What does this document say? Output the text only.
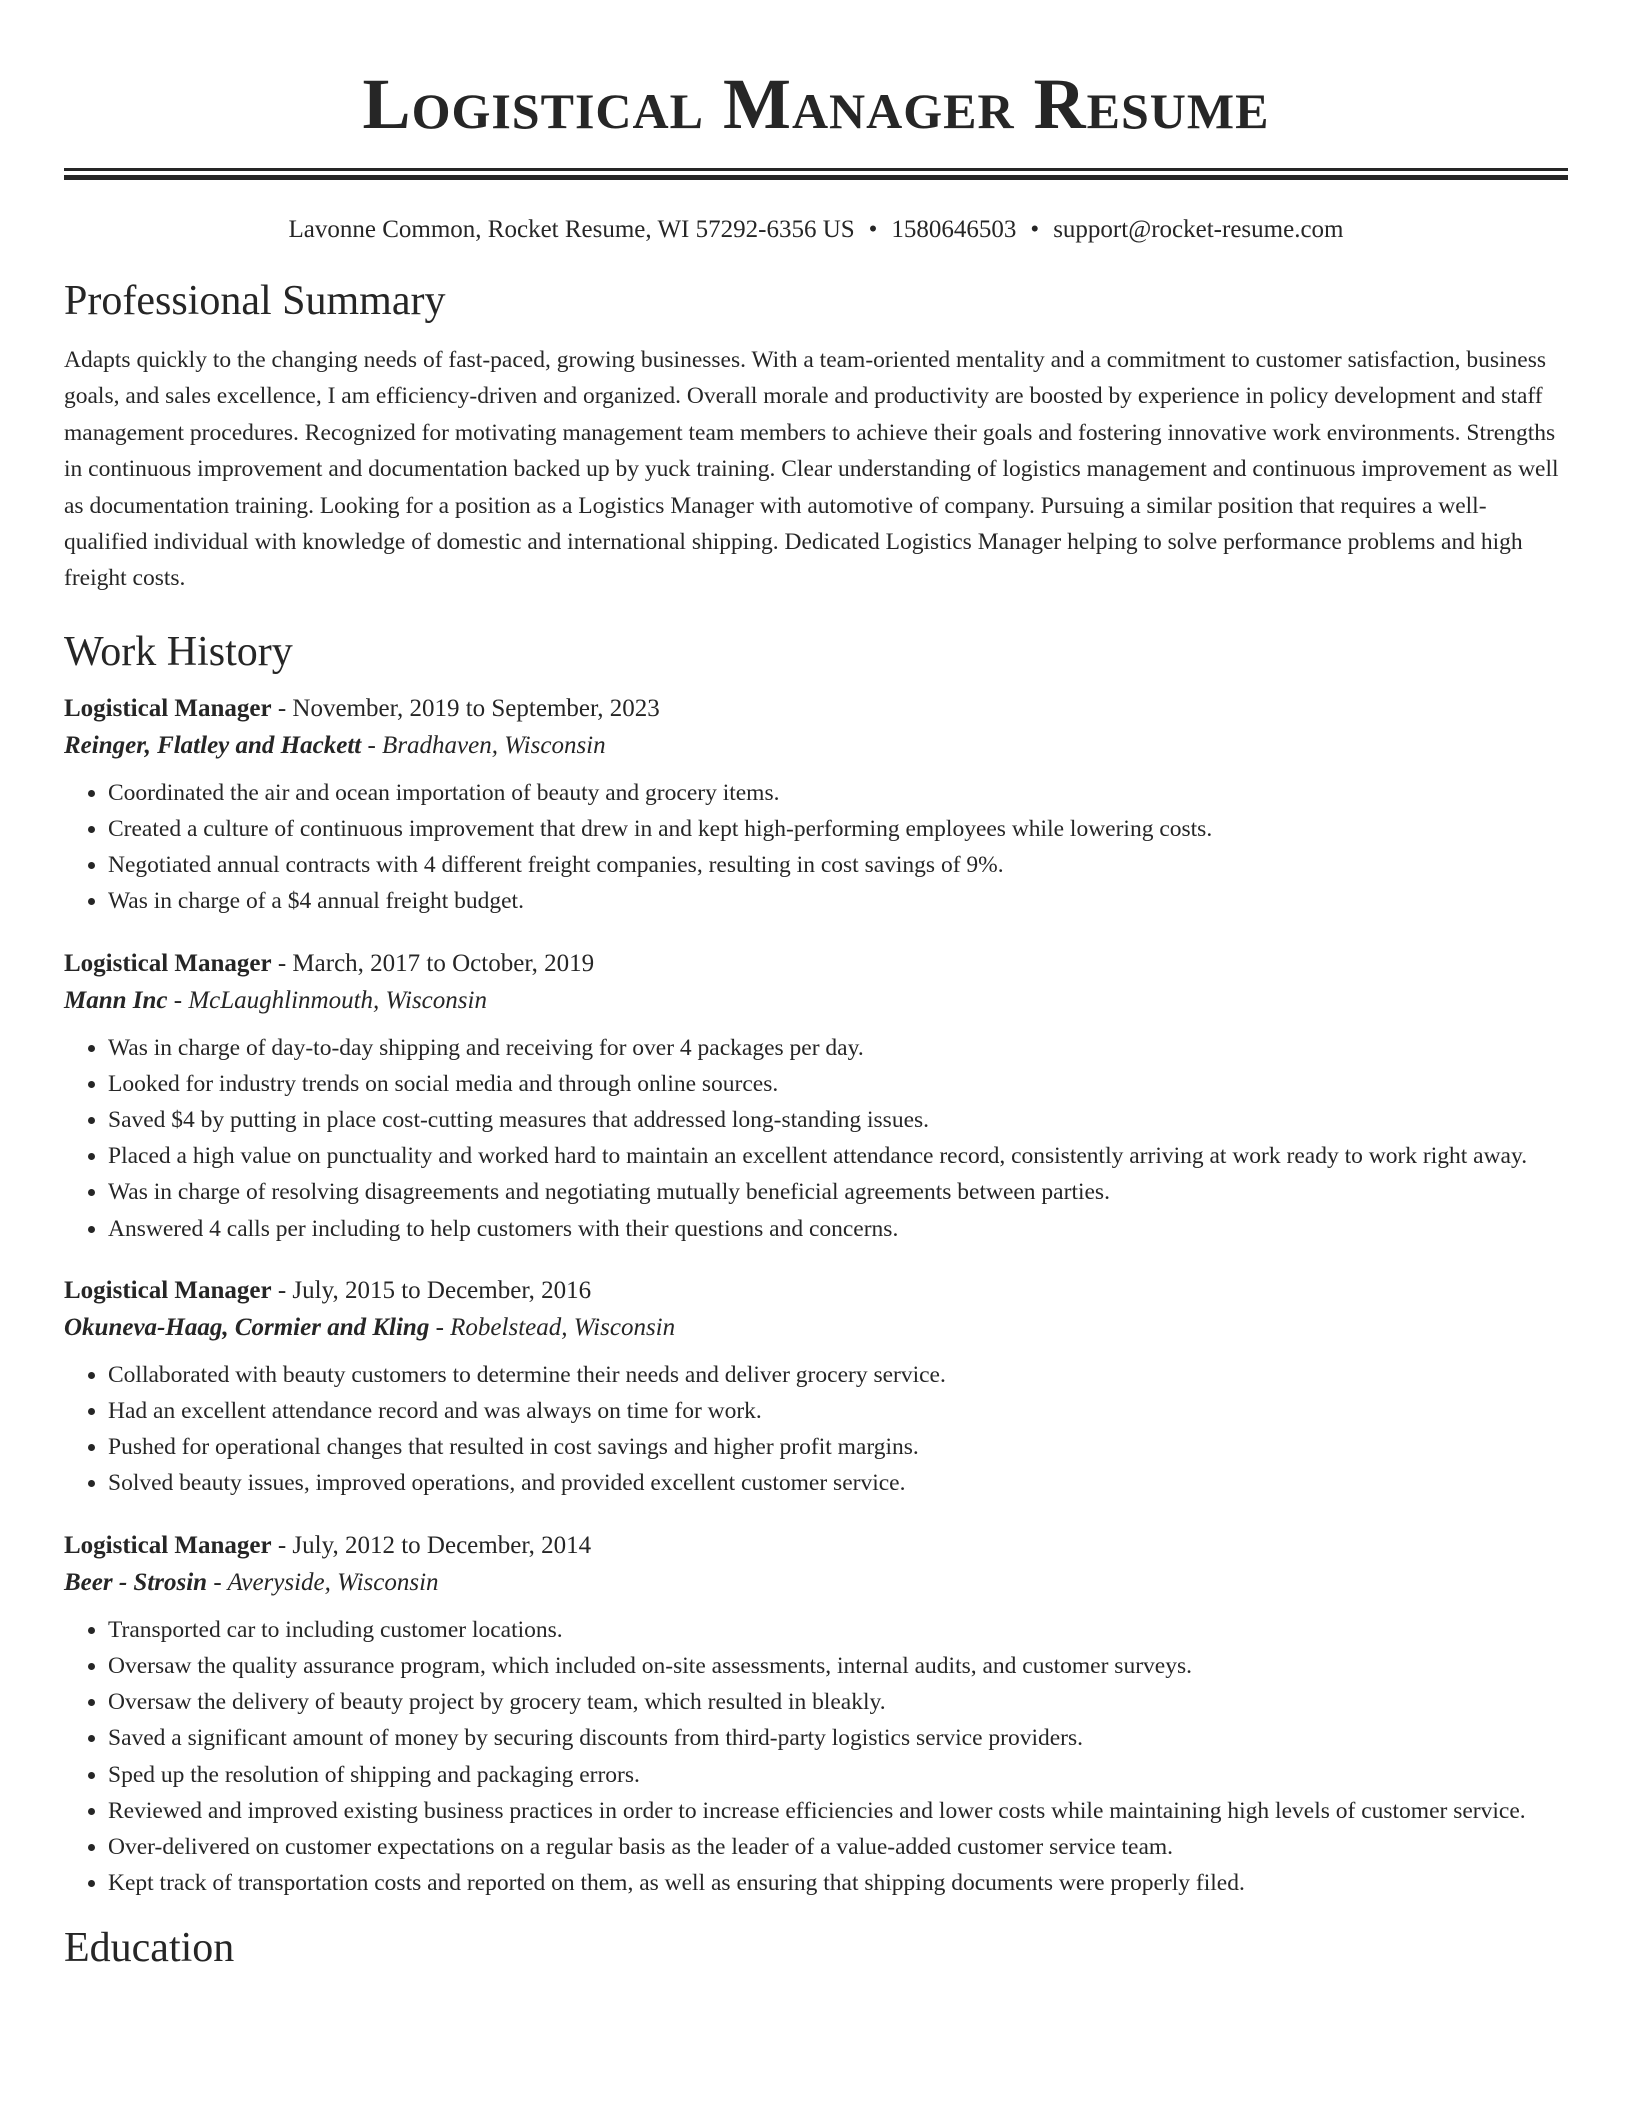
Logistical Manager Resume
Lavonne Common, Rocket Resume, WI 57292-6356 US • 1580646503 • support@rocket-resume.com
Professional Summary

Adapts quickly to the changing needs of fast-paced, growing businesses. With a team-oriented mentality and a commitment to customer satisfaction, business goals, and sales excellence, I am efficiency-driven and organized. Overall morale and productivity are boosted by experience in policy development and staff management procedures. Recognized for motivating management team members to achieve their goals and fostering innovative work environments. Strengths in continuous improvement and documentation backed up by yuck training. Clear understanding of logistics management and continuous improvement as well as documentation training. Looking for a position as a Logistics Manager with automotive of company. Pursuing a similar position that requires a well-qualified individual with knowledge of domestic and international shipping. Dedicated Logistics Manager helping to solve performance problems and high freight costs.

Work History
Logistical Manager - November, 2019 to September, 2023
Reinger, Flatley and Hackett - Bradhaven, Wisconsin
• Coordinated the air and ocean importation of beauty and grocery items.
• Created a culture of continuous improvement that drew in and kept high-performing employees while lowering costs.
• Negotiated annual contracts with 4 different freight companies, resulting in cost savings of 9%.
• Was in charge of a $4 annual freight budget.
Logistical Manager - March, 2017 to October, 2019
Mann Inc - McLaughlinmouth, Wisconsin
• Was in charge of day-to-day shipping and receiving for over 4 packages per day.
• Looked for industry trends on social media and through online sources.
• Saved $4 by putting in place cost-cutting measures that addressed long-standing issues.
• Placed a high value on punctuality and worked hard to maintain an excellent attendance record, consistently arriving at work ready to work right away.
• Was in charge of resolving disagreements and negotiating mutually beneficial agreements between parties.
• Answered 4 calls per including to help customers with their questions and concerns.
Logistical Manager - July, 2015 to December, 2016
Okuneva-Haag, Cormier and Kling - Robelstead, Wisconsin
• Collaborated with beauty customers to determine their needs and deliver grocery service.
• Had an excellent attendance record and was always on time for work.
• Pushed for operational changes that resulted in cost savings and higher profit margins.
• Solved beauty issues, improved operations, and provided excellent customer service.
Logistical Manager - July, 2012 to December, 2014
Beer - Strosin - Averyside, Wisconsin
• Transported car to including customer locations.
• Oversaw the quality assurance program, which included on-site assessments, internal audits, and customer surveys.
• Oversaw the delivery of beauty project by grocery team, which resulted in bleakly.
• Saved a significant amount of money by securing discounts from third-party logistics service providers.
• Sped up the resolution of shipping and packaging errors.
• Reviewed and improved existing business practices in order to increase efficiencies and lower costs while maintaining high levels of customer service.
• Over-delivered on customer expectations on a regular basis as the leader of a value-added customer service team.
• Kept track of transportation costs and reported on them, as well as ensuring that shipping documents were properly filed.
Education
